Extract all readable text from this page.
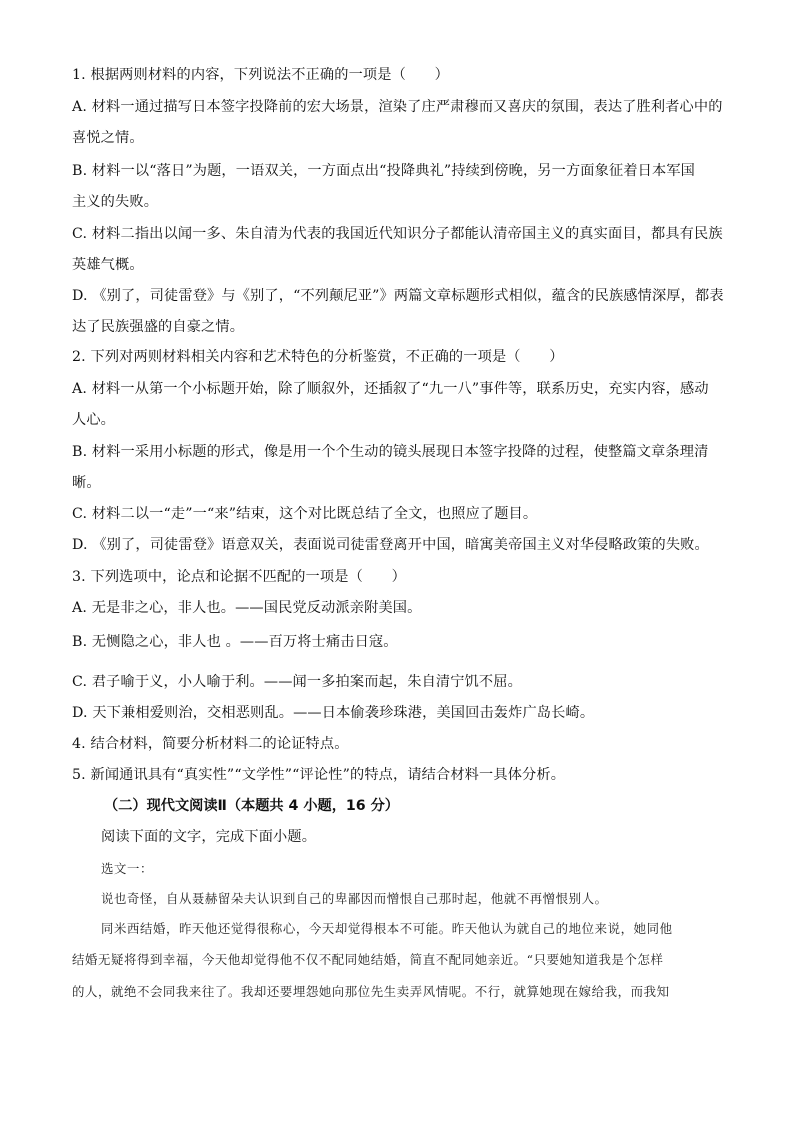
1. 根据两则材料的内容，下列说法不正确的一项是（　　）
A. 材料一通过描写日本签字投降前的宏大场景，渲染了庄严肃穆而又喜庆的氛围，表达了胜利者心中的
喜悦之情。
B. 材料一以“落日”为题，一语双关，一方面点出“投降典礼”持续到傍晚，另一方面象征着日本军国
主义的失败。
C. 材料二指出以闻一多、朱自清为代表的我国近代知识分子都能认清帝国主义的真实面目，都具有民族
英雄气概。
D. 《别了，司徒雷登》与《别了，“不列颠尼亚”》两篇文章标题形式相似，蕴含的民族感情深厚，都表
达了民族强盛的自豪之情。
2. 下列对两则材料相关内容和艺术特色的分析鉴赏，不正确的一项是（　　）
A. 材料一从第一个小标题开始，除了顺叙外，还插叙了“九一八”事件等，联系历史，充实内容，感动
人心。
B. 材料一采用小标题的形式，像是用一个个生动的镜头展现日本签字投降的过程，使整篇文章条理清
晰。
C. 材料二以一“走”一“来”结束，这个对比既总结了全文，也照应了题目。
D. 《别了，司徒雷登》语意双关，表面说司徒雷登离开中国，暗寓美帝国主义对华侵略政策的失败。
3. 下列选项中，论点和论据不匹配的一项是（　　）
A. 无是非之心，非人也。——国民党反动派亲附美国。
B. 无恻隐之心，非人也 。——百万将士痛击日寇。
C. 君子喻于义，小人喻于利。——闻一多拍案而起，朱自清宁饥不屈。
D. 天下兼相爱则治，交相恶则乱。——日本偷袭珍珠港，美国回击轰炸广岛长崎。
4. 结合材料，简要分析材料二的论证特点。
5. 新闻通讯具有“真实性”“文学性”“评论性”的特点，请结合材料一具体分析。
（二）现代文阅读Ⅱ（本题共 4 小题，16 分）
阅读下面的文字，完成下面小题。
选文一：
说也奇怪，自从聂赫留朵夫认识到自己的卑鄙因而憎恨自己那时起，他就不再憎恨别人。
同米西结婚，昨天他还觉得很称心，今天却觉得根本不可能。昨天他认为就自己的地位来说，她同他
结婚无疑将得到幸福，今天他却觉得他不仅不配同她结婚，简直不配同她亲近。“只要她知道我是个怎样
的人，就绝不会同我来往了。我却还要埋怨她向那位先生卖弄风情呢。不行，就算她现在嫁给我，而我知
